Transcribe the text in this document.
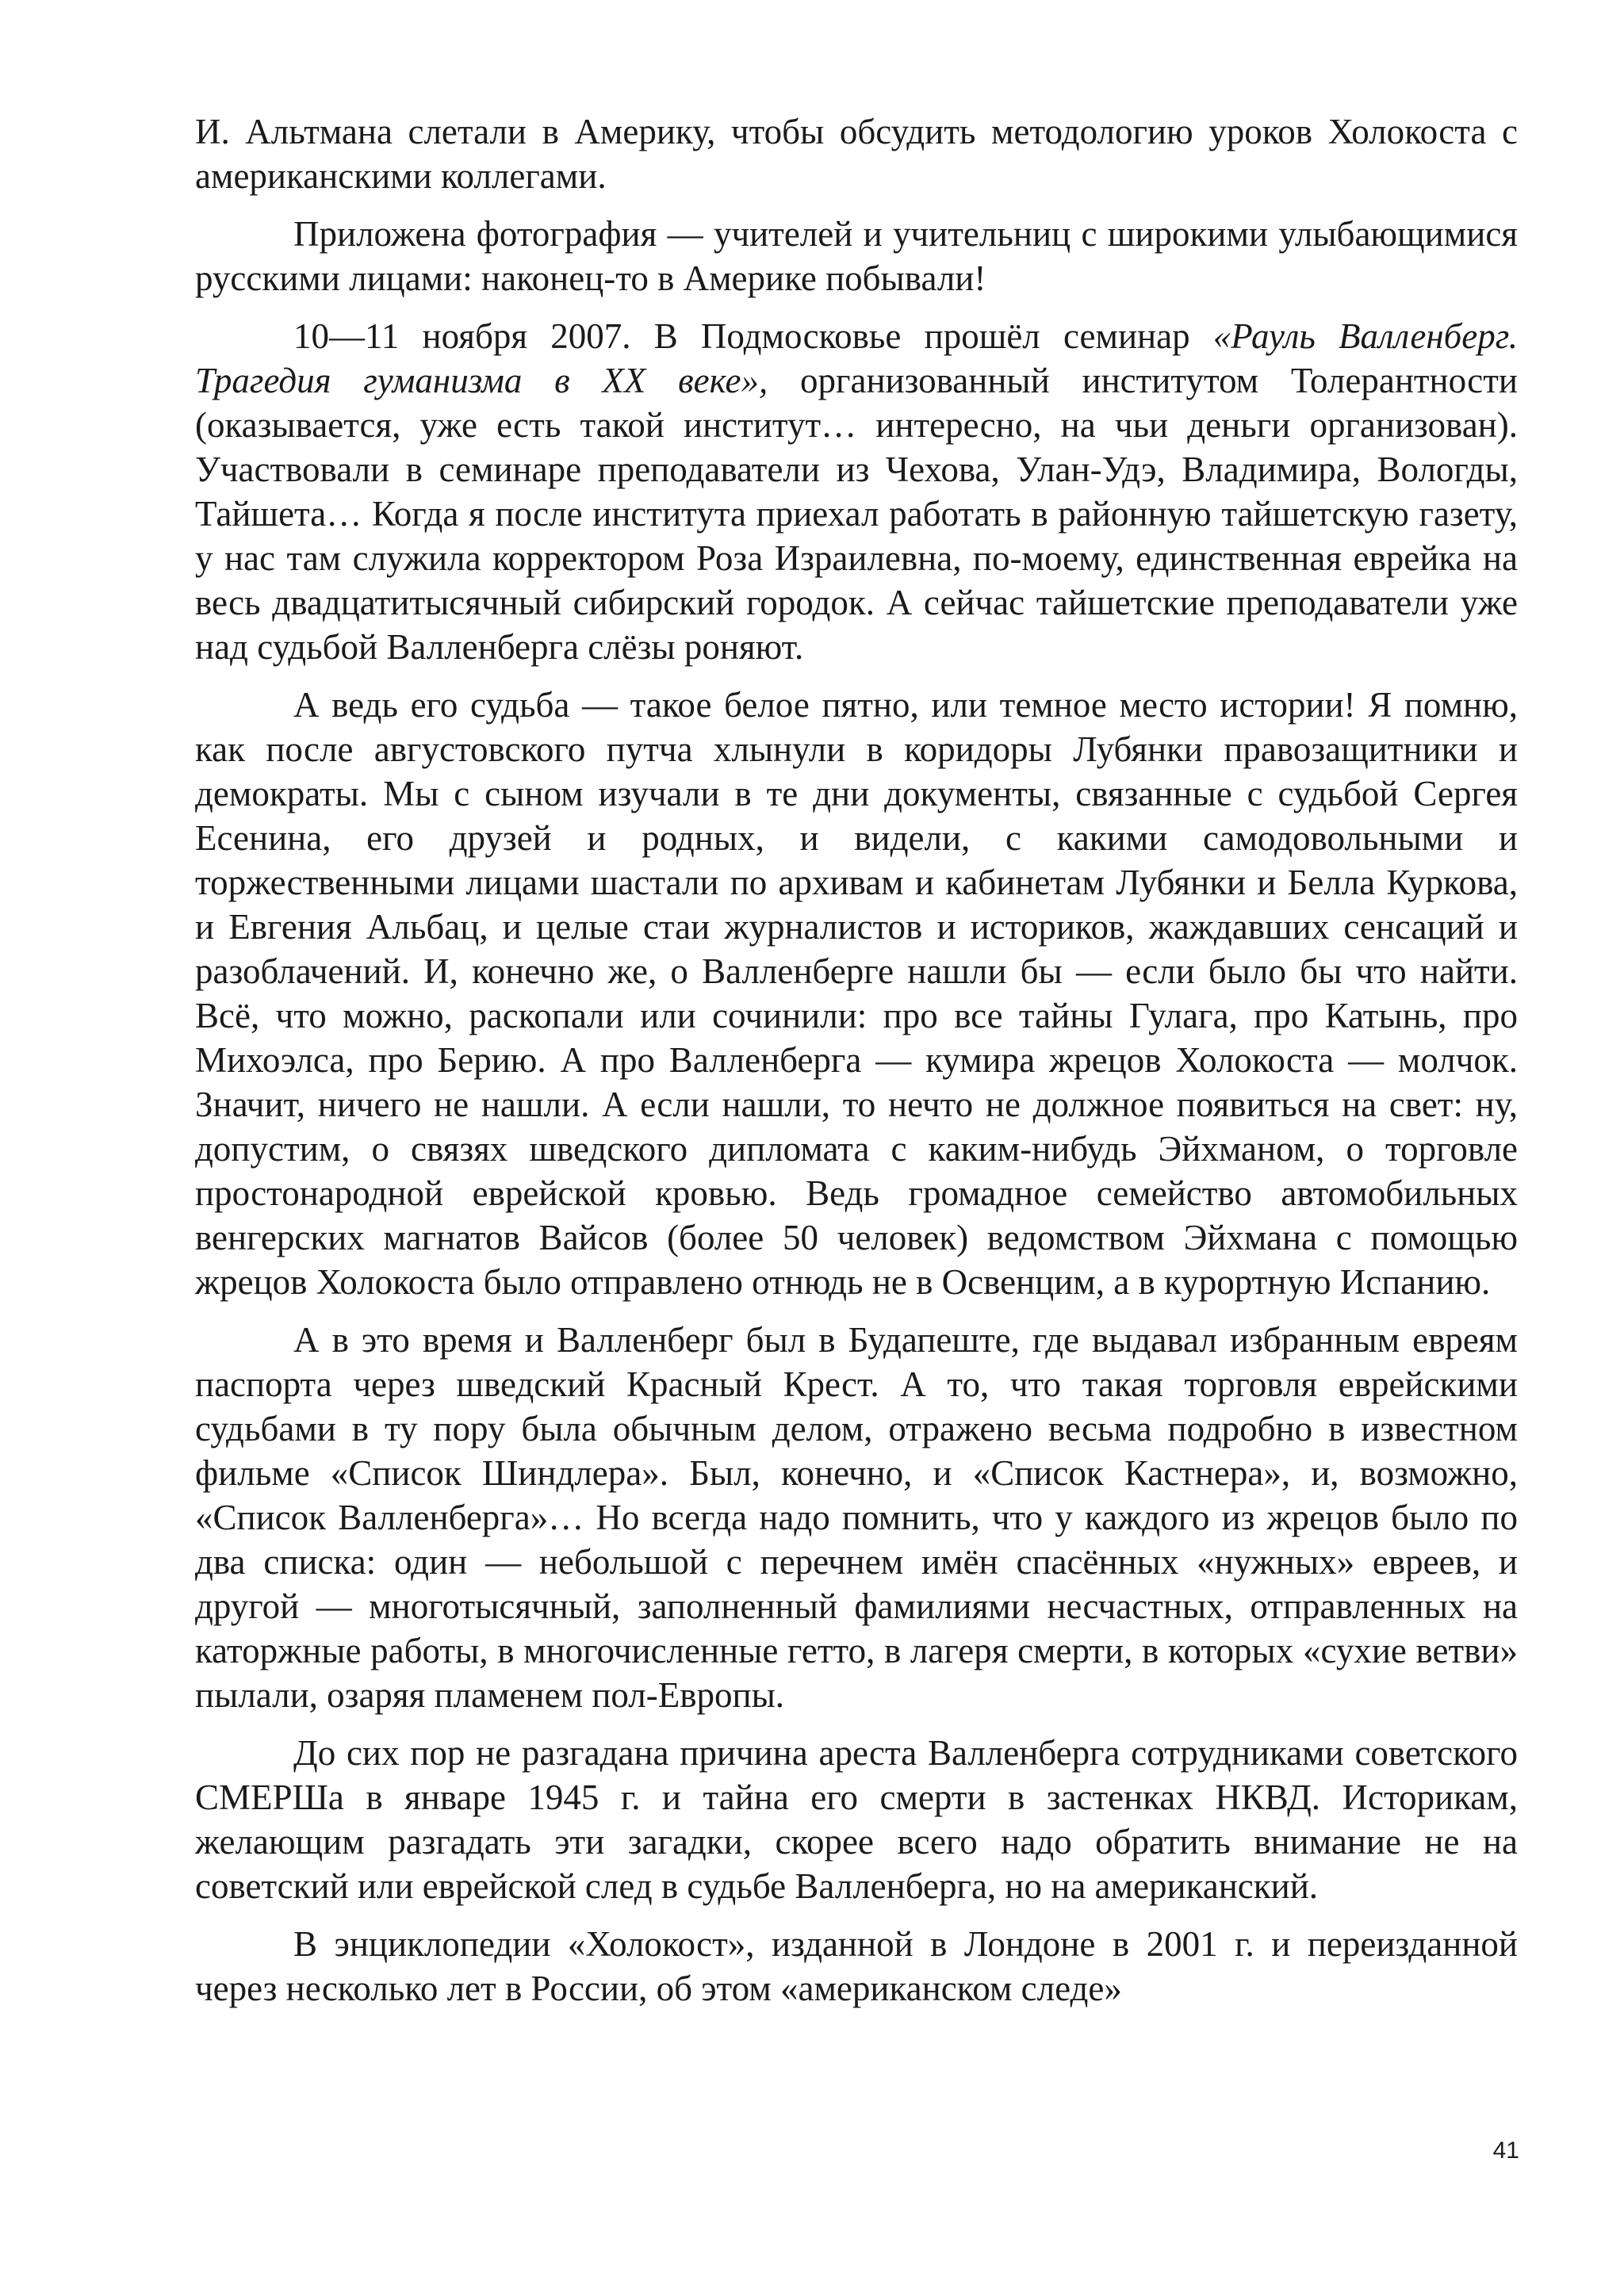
И. Альтмана слетали в Америку, чтобы обсудить методологию уроков Холокоста с американскими коллегами.

Приложена фотография — учителей и учительниц с широкими улыбающимися русскими лицами: наконец-то в Америке побывали!

10—11 ноября 2007. В Подмосковье прошёл семинар «Рауль Валленберг. Трагедия гуманизма в XX веке», организованный институтом Толерантности (оказывается, уже есть такой институт… интересно, на чьи деньги организован). Участвовали в семинаре преподаватели из Чехова, Улан-Удэ, Владимира, Вологды, Тайшета… Когда я после института приехал работать в районную тайшетскую газету, у нас там служила корректором Роза Израилевна, по-моему, единственная еврейка на весь двадцатитысячный сибирский городок. А сейчас тайшетские преподаватели уже над судьбой Валленберга слёзы роняют.

А ведь его судьба — такое белое пятно, или темное место истории! Я помню, как после августовского путча хлынули в коридоры Лубянки правозащитники и демократы. Мы с сыном изучали в те дни документы, связанные с судьбой Сергея Есенина, его друзей и родных, и видели, с какими самодовольными и торжественными лицами шастали по архивам и кабинетам Лубянки и Белла Куркова, и Евгения Альбац, и целые стаи журналистов и историков, жаждавших сенсаций и разоблачений. И, конечно же, о Валленберге нашли бы — если было бы что найти. Всё, что можно, раскопали или сочинили: про все тайны Гулага, про Катынь, про Михоэлса, про Берию. А про Валленберга — кумира жрецов Холокоста — молчок. Значит, ничего не нашли. А если нашли, то нечто не должное появиться на свет: ну, допустим, о связях шведского дипломата с каким-нибудь Эйхманом, о торговле простонародной еврейской кровью. Ведь громадное семейство автомобильных венгерских магнатов Вайсов (более 50 человек) ведомством Эйхмана с помощью жрецов Холокоста было отправлено отнюдь не в Освенцим, а в курортную Испанию.

А в это время и Валленберг был в Будапеште, где выдавал избранным евреям паспорта через шведский Красный Крест. А то, что такая торговля еврейскими судьбами в ту пору была обычным делом, отражено весьма подробно в известном фильме «Список Шиндлера». Был, конечно, и «Список Кастнера», и, возможно, «Список Валленберга»… Но всегда надо помнить, что у каждого из жрецов было по два списка: один — небольшой с перечнем имён спасённых «нужных» евреев, и другой — многотысячный, заполненный фамилиями несчастных, отправленных на каторжные работы, в многочисленные гетто, в лагеря смерти, в которых «сухие ветви» пылали, озаряя пламенем пол-Европы.

До сих пор не разгадана причина ареста Валленберга сотрудниками советского СМЕРШа в январе 1945 г. и тайна его смерти в застенках НКВД. Историкам, желающим разгадать эти загадки, скорее всего надо обратить внимание не на советский или еврейской след в судьбе Валленберга, но на американский.

В энциклопедии «Холокост», изданной в Лондоне в 2001 г. и переизданной через несколько лет в России, об этом «американском следе»

41
